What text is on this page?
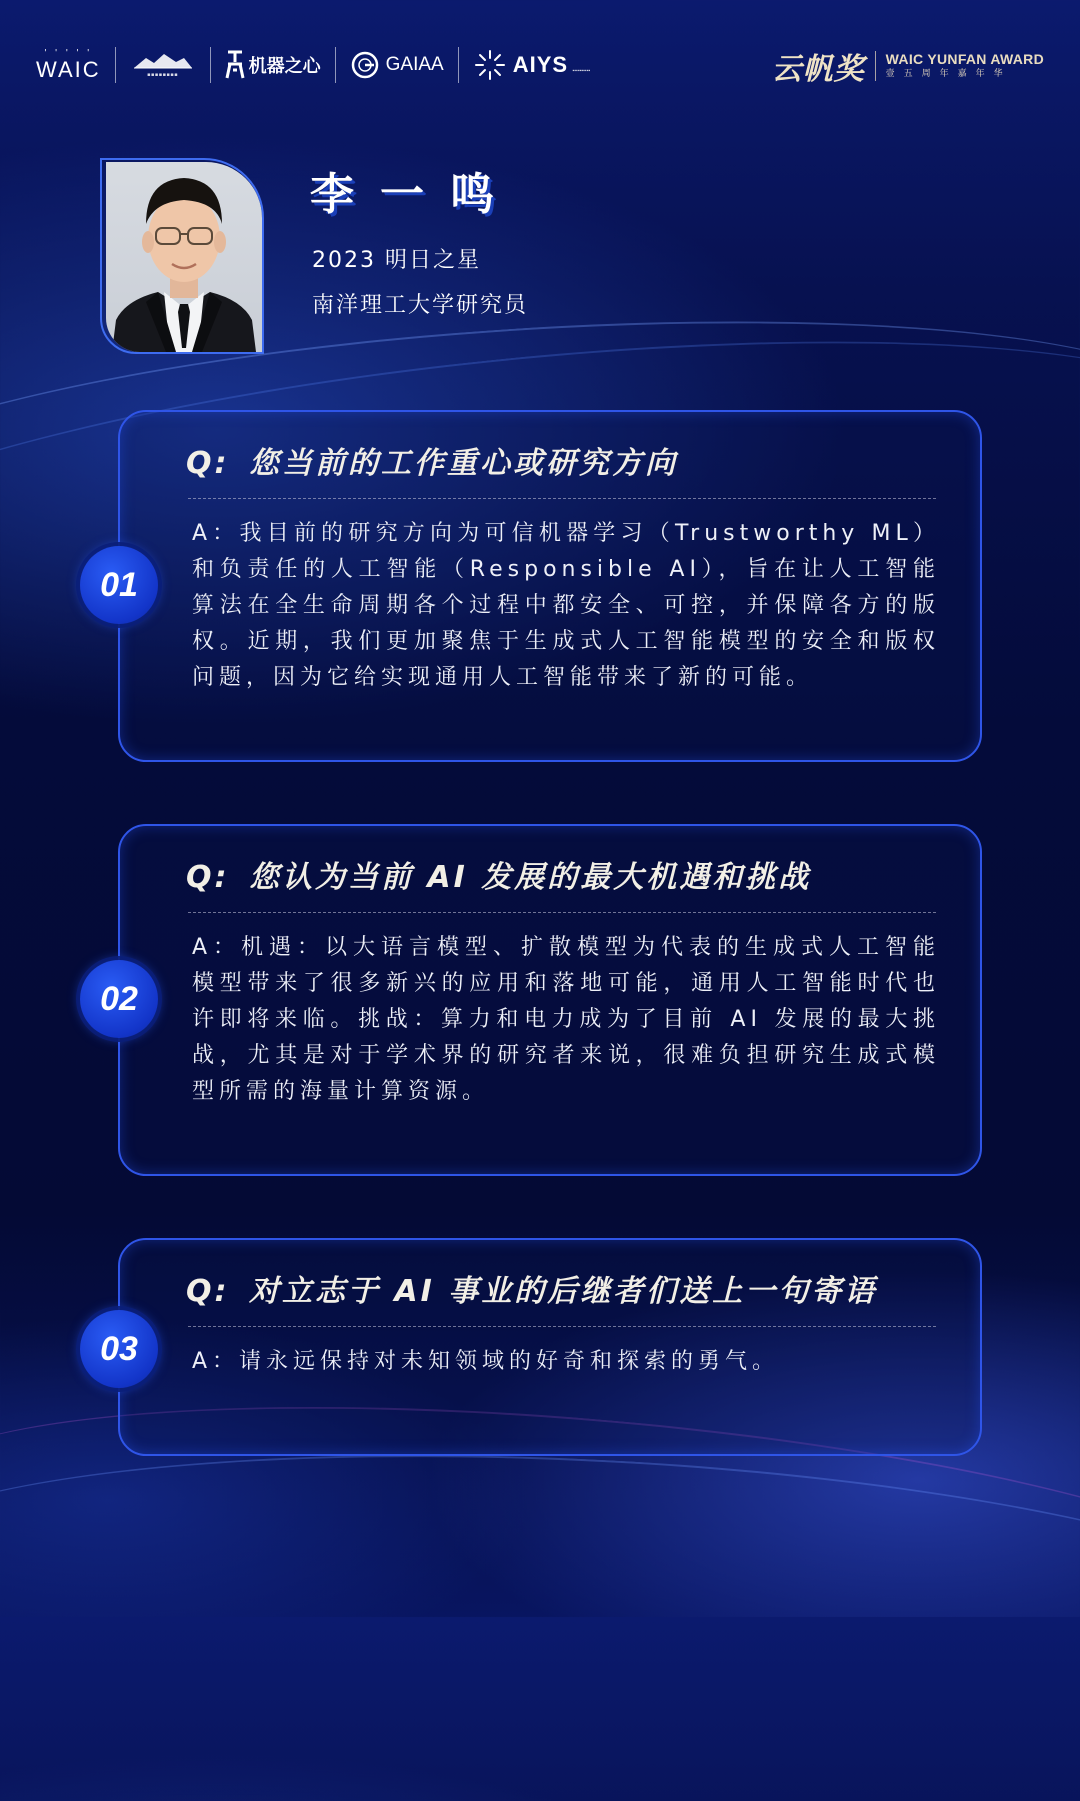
' ' ' ' '
WAIC	▪▪▪▪▪▪▪▪	机器之心	GAIAA	AIYS ▪▪▪▪▪▪▪▪▪▪	云帆奖 WAIC YUNFAN AWARD
壹五周年嘉年华
李一鸣
2023 明日之星
南洋理工大学研究员
Q: 您当前的工作重心或研究方向
A：我目前的研究方向为可信机器学习（Trustworthy ML）和负责任的人工智能（Responsible AI），旨在让人工智能算法在全生命周期各个过程中都安全、可控，并保障各方的版权。近期，我们更加聚焦于生成式人工智能模型的安全和版权问题，因为它给实现通用人工智能带来了新的可能。
01
Q: 您认为当前 AI 发展的最大机遇和挑战
A：机遇：以大语言模型、扩散模型为代表的生成式人工智能模型带来了很多新兴的应用和落地可能，通用人工智能时代也许即将来临。挑战：算力和电力成为了目前 AI 发展的最大挑战，尤其是对于学术界的研究者来说，很难负担研究生成式模型所需的海量计算资源。
02
Q: 对立志于 AI 事业的后继者们送上一句寄语
A：请永远保持对未知领域的好奇和探索的勇气。
03
